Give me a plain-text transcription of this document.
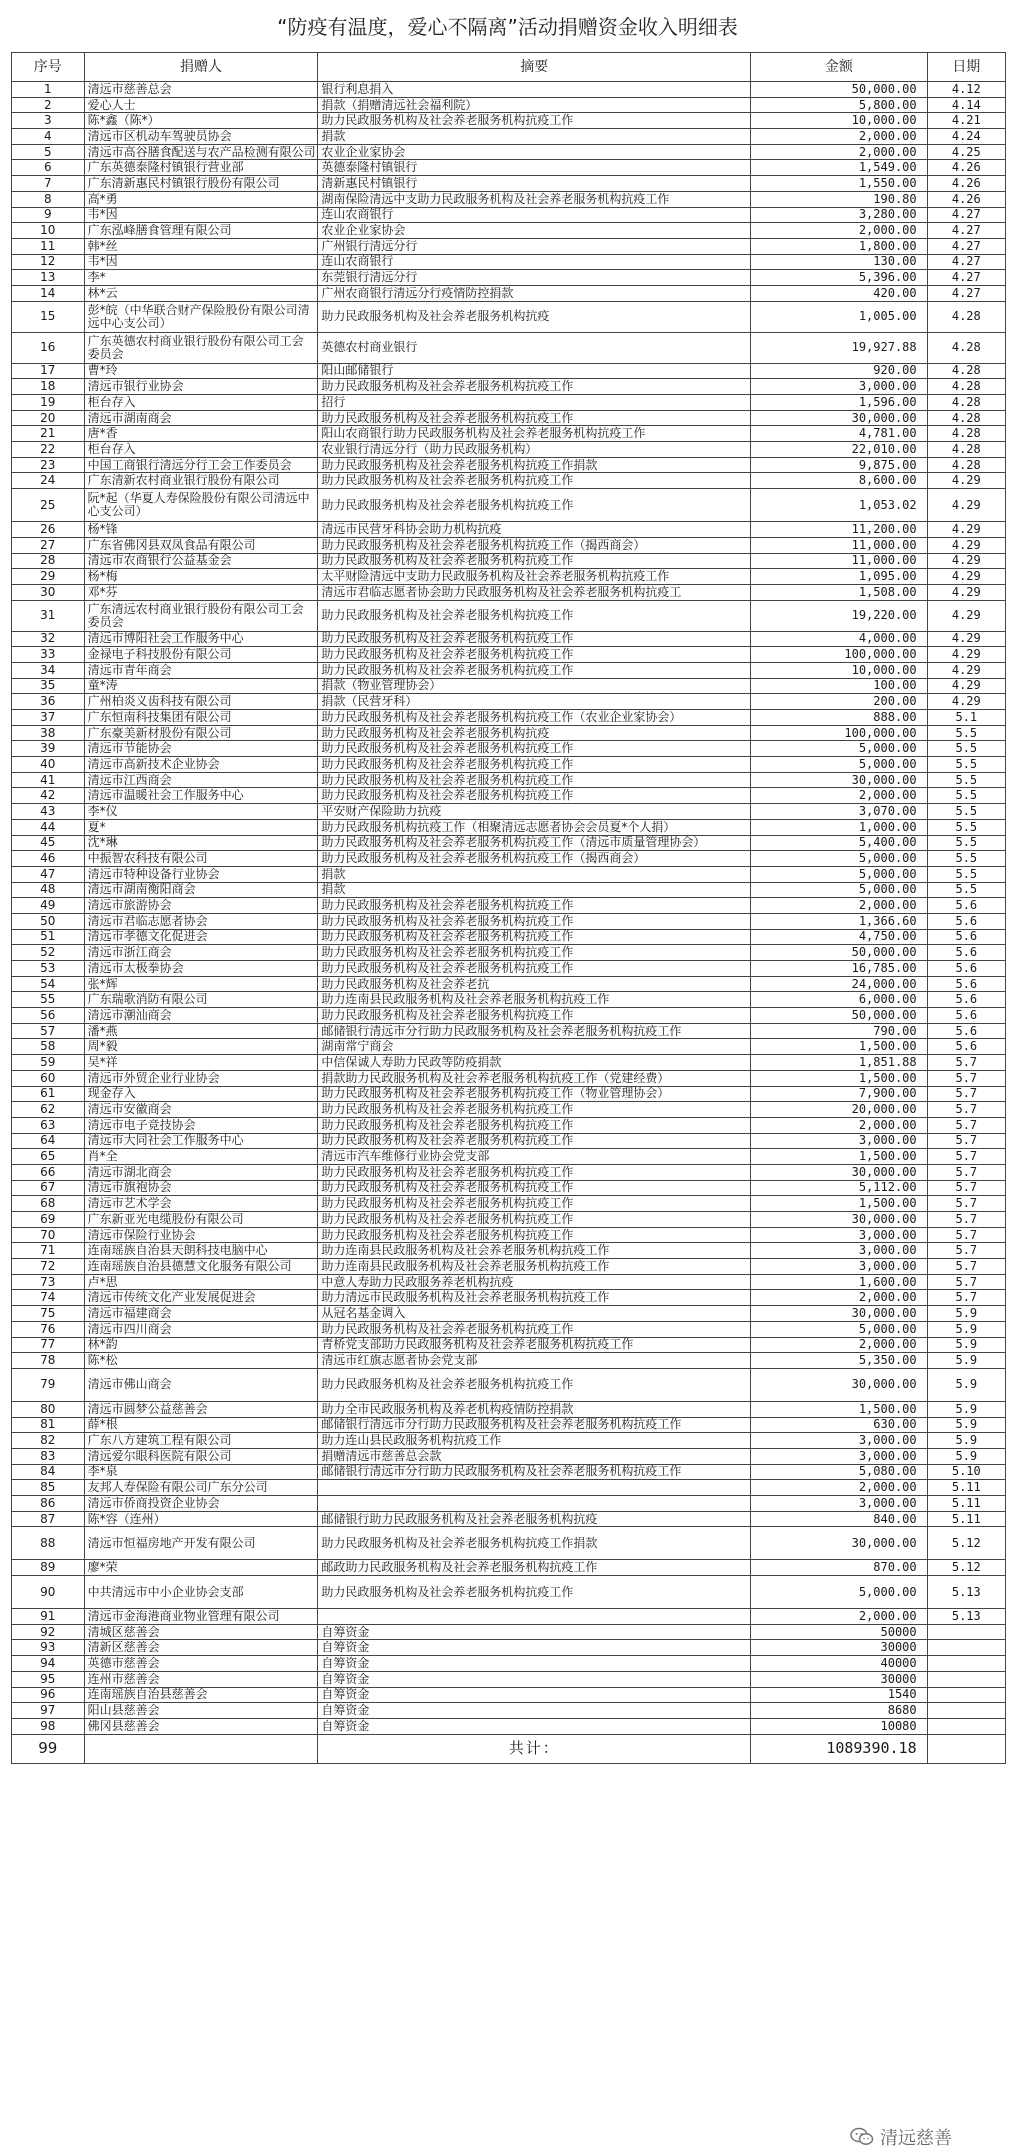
“防疫有温度，爱心不隔离”活动捐赠资金收入明细表
序号	捐赠人	摘要	金额	日期
1	清远市慈善总会	银行利息捐入	50,000.00	4.12
2	爱心人士	捐款（捐赠清远社会福利院）	5,800.00	4.14
3	陈*鑫（陈*）	助力民政服务机构及社会养老服务机构抗疫工作	10,000.00	4.21
4	清远市区机动车驾驶员协会	捐款	2,000.00	4.24
5	清远市高谷膳食配送与农产品检测有限公司	农业企业家协会	2,000.00	4.25
6	广东英德泰隆村镇银行营业部	英德泰隆村镇银行	1,549.00	4.26
7	广东清新惠民村镇银行股份有限公司	清新惠民村镇银行	1,550.00	4.26
8	高*勇	湖南保险清远中支助力民政服务机构及社会养老服务机构抗疫工作	190.80	4.26
9	韦*因	连山农商银行	3,280.00	4.27
10	广东泓峰膳食管理有限公司	农业企业家协会	2,000.00	4.27
11	韩*丝	广州银行清远分行	1,800.00	4.27
12	韦*因	连山农商银行	130.00	4.27
13	李*	东莞银行清远分行	5,396.00	4.27
14	林*云	广州农商银行清远分行疫情防控捐款	420.00	4.27
15	彭*皖（中华联合财产保险股份有限公司清远中心支公司）	助力民政服务机构及社会养老服务机构抗疫	1,005.00	4.28
16	广东英德农村商业银行股份有限公司工会委员会	英德农村商业银行	19,927.88	4.28
17	曹*玲	阳山邮储银行	920.00	4.28
18	清远市银行业协会	助力民政服务机构及社会养老服务机构抗疫工作	3,000.00	4.28
19	柜台存入	招行	1,596.00	4.28
20	清远市湖南商会	助力民政服务机构及社会养老服务机构抗疫工作	30,000.00	4.28
21	唐*香	阳山农商银行助力民政服务机构及社会养老服务机构抗疫工作	4,781.00	4.28
22	柜台存入	农业银行清远分行（助力民政服务机构）	22,010.00	4.28
23	中国工商银行清远分行工会工作委员会	助力民政服务机构及社会养老服务机构抗疫工作捐款	9,875.00	4.28
24	广东清新农村商业银行股份有限公司	助力民政服务机构及社会养老服务机构抗疫工作	8,600.00	4.29
25	阮*起（华夏人寿保险股份有限公司清远中心支公司）	助力民政服务机构及社会养老服务机构抗疫工作	1,053.02	4.29
26	杨*锋	清远市民营牙科协会助力机构抗疫	11,200.00	4.29
27	广东省佛冈县双凤食品有限公司	助力民政服务机构及社会养老服务机构抗疫工作（揭西商会）	11,000.00	4.29
28	清远市农商银行公益基金会	助力民政服务机构及社会养老服务机构抗疫工作	11,000.00	4.29
29	杨*梅	太平财险清远中支助力民政服务机构及社会养老服务机构抗疫工作	1,095.00	4.29
30	邓*芬	清远市君临志愿者协会助力民政服务机构及社会养老服务机构抗疫工	1,508.00	4.29
31	广东清远农村商业银行股份有限公司工会委员会	助力民政服务机构及社会养老服务机构抗疫工作	19,220.00	4.29
32	清远市博阳社会工作服务中心	助力民政服务机构及社会养老服务机构抗疫工作	4,000.00	4.29
33	金禄电子科技股份有限公司	助力民政服务机构及社会养老服务机构抗疫工作	100,000.00	4.29
34	清远市青年商会	助力民政服务机构及社会养老服务机构抗疫工作	10,000.00	4.29
35	童*涛	捐款（物业管理协会）	100.00	4.29
36	广州柏炎义齿科技有限公司	捐款（民营牙科）	200.00	4.29
37	广东恒南科技集团有限公司	助力民政服务机构及社会养老服务机构抗疫工作（农业企业家协会）	888.00	5.1
38	广东豪美新材股份有限公司	助力民政服务机构及社会养老服务机构抗疫	100,000.00	5.5
39	清远市节能协会	助力民政服务机构及社会养老服务机构抗疫工作	5,000.00	5.5
40	清远市高新技术企业协会	助力民政服务机构及社会养老服务机构抗疫工作	5,000.00	5.5
41	清远市江西商会	助力民政服务机构及社会养老服务机构抗疫工作	30,000.00	5.5
42	清远市温暖社会工作服务中心	助力民政服务机构及社会养老服务机构抗疫工作	2,000.00	5.5
43	李*仪	平安财产保险助力抗疫	3,070.00	5.5
44	夏*	助力民政服务机构抗疫工作（相聚清远志愿者协会会员夏*个人捐）	1,000.00	5.5
45	沈*琳	助力民政服务机构及社会养老服务机构抗疫工作（清远市质量管理协会）	5,400.00	5.5
46	中振智农科技有限公司	助力民政服务机构及社会养老服务机构抗疫工作（揭西商会）	5,000.00	5.5
47	清远市特种设备行业协会	捐款	5,000.00	5.5
48	清远市湖南衡阳商会	捐款	5,000.00	5.5
49	清远市旅游协会	助力民政服务机构及社会养老服务机构抗疫工作	2,000.00	5.6
50	清远市君临志愿者协会	助力民政服务机构及社会养老服务机构抗疫工作	1,366.60	5.6
51	清远市孝德文化促进会	助力民政服务机构及社会养老服务机构抗疫工作	4,750.00	5.6
52	清远市浙江商会	助力民政服务机构及社会养老服务机构抗疫工作	50,000.00	5.6
53	清远市太极拳协会	助力民政服务机构及社会养老服务机构抗疫工作	16,785.00	5.6
54	张*辉	助力民政服务机构及社会养老抗	24,000.00	5.6
55	广东瑞歌消防有限公司	助力连南县民政服务机构及社会养老服务机构抗疫工作	6,000.00	5.6
56	清远市潮汕商会	助力民政服务机构及社会养老服务机构抗疫工作	50,000.00	5.6
57	潘*燕	邮储银行清远市分行助力民政服务机构及社会养老服务机构抗疫工作	790.00	5.6
58	周*毅	湖南常宁商会	1,500.00	5.6
59	吴*祥	中信保诚人寿助力民政等防疫捐款	1,851.88	5.7
60	清远市外贸企业行业协会	捐款助力民政服务机构及社会养老服务机构抗疫工作（党建经费）	1,500.00	5.7
61	现金存入	助力民政服务机构及社会养老服务机构抗疫工作（物业管理协会）	7,900.00	5.7
62	清远市安徽商会	助力民政服务机构及社会养老服务机构抗疫工作	20,000.00	5.7
63	清远市电子竞技协会	助力民政服务机构及社会养老服务机构抗疫工作	2,000.00	5.7
64	清远市大同社会工作服务中心	助力民政服务机构及社会养老服务机构抗疫工作	3,000.00	5.7
65	肖*全	清远市汽车维修行业协会党支部	1,500.00	5.7
66	清远市湖北商会	助力民政服务机构及社会养老服务机构抗疫工作	30,000.00	5.7
67	清远市旗袍协会	助力民政服务机构及社会养老服务机构抗疫工作	5,112.00	5.7
68	清远市艺术学会	助力民政服务机构及社会养老服务机构抗疫工作	1,500.00	5.7
69	广东新亚光电缆股份有限公司	助力民政服务机构及社会养老服务机构抗疫工作	30,000.00	5.7
70	清远市保险行业协会	助力民政服务机构及社会养老服务机构抗疫工作	3,000.00	5.7
71	连南瑶族自治县天朗科技电脑中心	助力连南县民政服务机构及社会养老服务机构抗疫工作	3,000.00	5.7
72	连南瑶族自治县德慧文化服务有限公司	助力连南县民政服务机构及社会养老服务机构抗疫工作	3,000.00	5.7
73	卢*思	中意人寿助力民政服务养老机构抗疫	1,600.00	5.7
74	清远市传统文化产业发展促进会	助力清远市民政服务机构及社会养老服务机构抗疫工作	2,000.00	5.7
75	清远市福建商会	从冠名基金调入	30,000.00	5.9
76	清远市四川商会	助力民政服务机构及社会养老服务机构抗疫工作	5,000.00	5.9
77	林*韵	青桥党支部助力民政服务机构及社会养老服务机构抗疫工作	2,000.00	5.9
78	陈*松	清远市红旗志愿者协会党支部	5,350.00	5.9
79	清远市佛山商会	助力民政服务机构及社会养老服务机构抗疫工作	30,000.00	5.9
80	清远市圆梦公益慈善会	助力全市民政服务机构及养老机构疫情防控捐款	1,500.00	5.9
81	薛*根	邮储银行清远市分行助力民政服务机构及社会养老服务机构抗疫工作	630.00	5.9
82	广东八方建筑工程有限公司	助力连山县民政服务机构抗疫工作	3,000.00	5.9
83	清远爱尔眼科医院有限公司	捐赠清远市慈善总会款	3,000.00	5.9
84	李*泉	邮储银行清远市分行助力民政服务机构及社会养老服务机构抗疫工作	5,080.00	5.10
85	友邦人寿保险有限公司广东分公司		2,000.00	5.11
86	清远市侨商投资企业协会		3,000.00	5.11
87	陈*容（连州）	邮储银行助力民政服务机构及社会养老服务机构抗疫	840.00	5.11
88	清远市恒福房地产开发有限公司	助力民政服务机构及社会养老服务机构抗疫工作捐款	30,000.00	5.12
89	廖*荣	邮政助力民政服务机构及社会养老服务机构抗疫工作	870.00	5.12
90	中共清远市中小企业协会支部	助力民政服务机构及社会养老服务机构抗疫工作	5,000.00	5.13
91	清远市金海港商业物业管理有限公司		2,000.00	5.13
92	清城区慈善会	自筹资金	50000	
93	清新区慈善会	自筹资金	30000	
94	英德市慈善会	自筹资金	40000	
95	连州市慈善会	自筹资金	30000	
96	连南瑶族自治县慈善会	自筹资金	1540	
97	阳山县慈善会	自筹资金	8680	
98	佛冈县慈善会	自筹资金	10080	
99		共计：	1089390.18	
清远慈善
